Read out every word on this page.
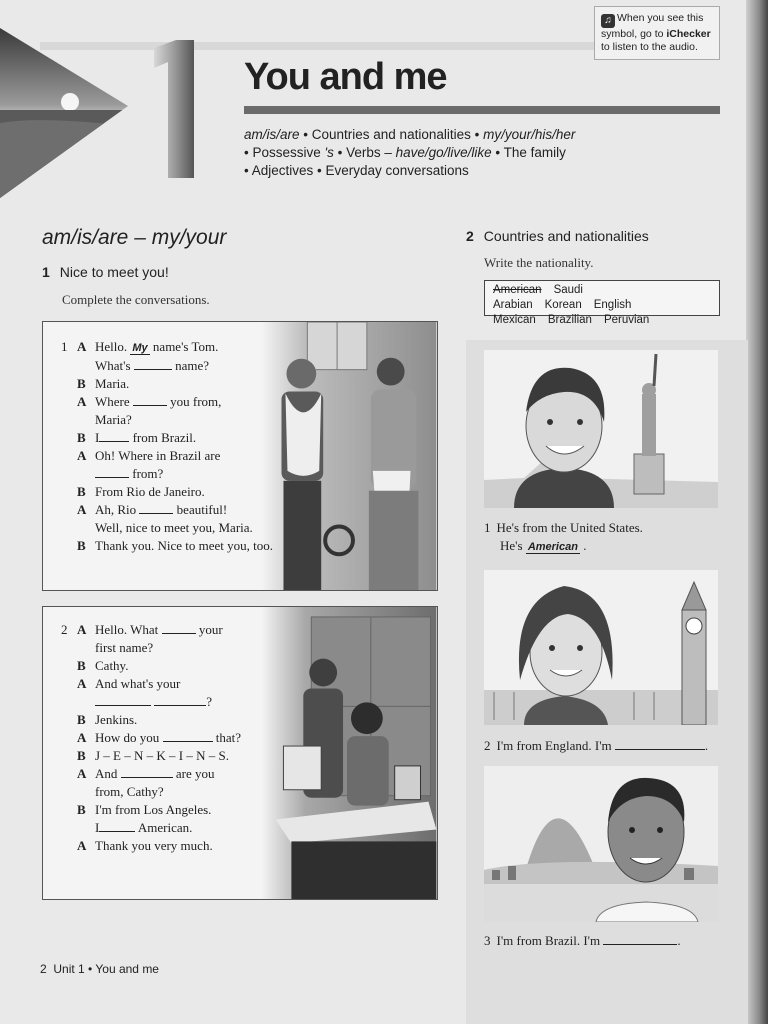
You and me
am/is/are • Countries and nationalities • my/your/his/her
• Possessive 's • Verbs – have/go/live/like • The family
• Adjectives • Everyday conversations
♫ When you see this symbol, go to iChecker to listen to the audio.
am/is/are – my/your
1 Nice to meet you!
Complete the conversations.
1 A Hello. My name's Tom.
What's	name?
B Maria.
A Where	you from,
Maria?
B I from Brazil.
A Oh! Where in Brazil are
from?
B From Rio de Janeiro.
A Ah, Rio	beautiful!
Well, nice to meet you, Maria.
B Thank you. Nice to meet you, too.
2 A Hello. What	your
first name?
B Cathy.
A And what's your
?
B Jenkins.
A How do you	that?
B J – E – N – K – I – N – S.
A And	are you
from, Cathy?
B I'm from Los Angeles.
I	American.
A Thank you very much.
2 Countries and nationalities
Write the nationality.
American Saudi Arabian Korean English
Mexican Brazilian Peruvian
1 He's from the United States.
He's American .
2 I'm from England. I'm	.
3 I'm from Brazil. I'm	.
2 Unit 1 • You and me
